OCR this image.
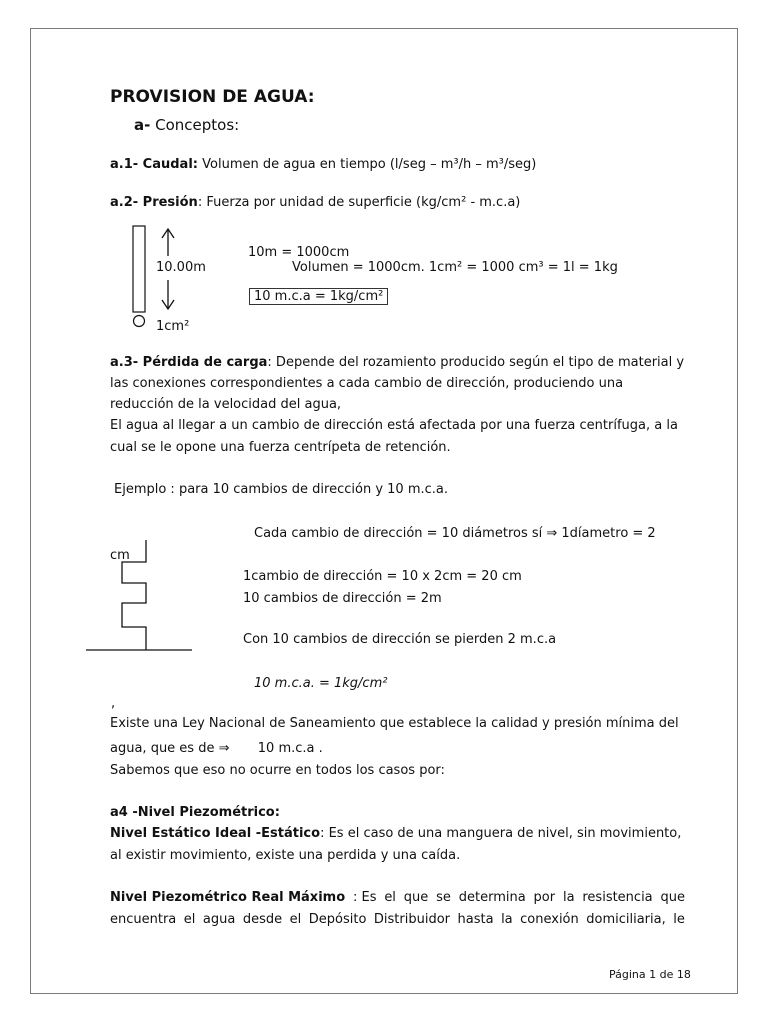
PROVISION DE AGUA:
a- Conceptos:
a.1- Caudal: Volumen de agua en tiempo (l/seg – m³/h – m³/seg)
a.2- Presión: Fuerza por unidad de superficie (kg/cm² - m.c.a)
10.00m
1cm²
10m = 1000cm
Volumen = 1000cm. 1cm² = 1000 cm³ = 1l = 1kg
10 m.c.a = 1kg/cm²
a.3- Pérdida de carga: Depende del rozamiento producido según el tipo de material y
las conexiones correspondientes a cada cambio de dirección, produciendo una
reducción de la velocidad del agua,
El agua al llegar a un cambio de dirección está afectada por una fuerza centrífuga, a la
cual se le opone una fuerza centrípeta de retención.
Ejemplo : para 10 cambios de dirección y 10 m.c.a.
Cada cambio de dirección = 10 diámetros sí ⇒ 1díametro = 2
cm
1cambio de dirección = 10 x 2cm = 20 cm
10 cambios de dirección = 2m
Con 10 cambios de dirección se pierden 2 m.c.a
10 m.c.a. = 1kg/cm²
,
Existe una Ley Nacional de Saneamiento que establece la calidad y presión mínima del
agua, que es de ⇒ 10 m.c.a .
Sabemos que eso no ocurre en todos los casos por:
a4 -Nivel Piezométrico:
Nivel Estático Ideal -Estático: Es el caso de una manguera de nivel, sin movimiento,
al existir movimiento, existe una perdida y una caída.
Nivel Piezométrico Real Máximo : Es el que se determina por la resistencia que
encuentra el agua desde el Depósito Distribuidor hasta la conexión domiciliaria, le
Página 1 de 18
